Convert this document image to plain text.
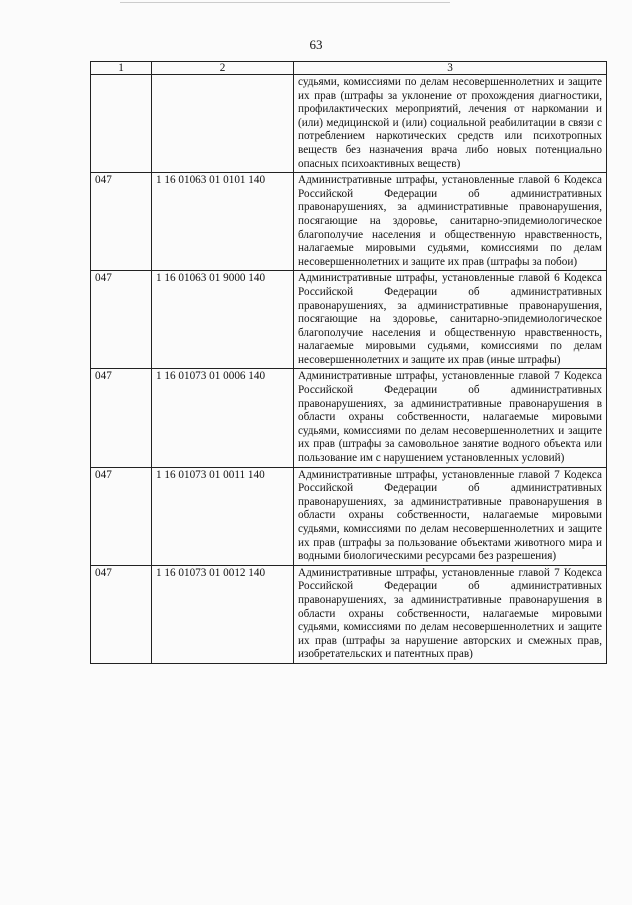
63
1	2	3
		судьями, комиссиями по делам несовершеннолетних и защите их прав (штрафы за уклонение от прохождения диагностики, профилактических мероприятий, лечения от наркомании и (или) медицинской и (или) социальной реабилитации в связи с потреблением наркотических средств или психотропных веществ без назначения врача либо новых потенциально опасных психоактивных веществ)
047	1 16 01063 01 0101 140	Административные штрафы, установленные главой 6 Кодекса Российской Федерации об административных правонарушениях, за административные правонарушения, посягающие на здоровье, санитарно-эпидемиологическое благополучие населения и общественную нравственность, налагаемые мировыми судьями, комиссиями по делам несовершеннолетних и защите их прав (штрафы за побои)
047	1 16 01063 01 9000 140	Административные штрафы, установленные главой 6 Кодекса Российской Федерации об административных правонарушениях, за административные правонарушения, посягающие на здоровье, санитарно-эпидемиологическое благополучие населения и общественную нравственность, налагаемые мировыми судьями, комиссиями по делам несовершеннолетних и защите их прав (иные штрафы)
047	1 16 01073 01 0006 140	Административные штрафы, установленные главой 7 Кодекса Российской Федерации об административных правонарушениях, за административные правонарушения в области охраны собственности, налагаемые мировыми судьями, комиссиями по делам несовершеннолетних и защите их прав (штрафы за самовольное занятие водного объекта или пользование им с нарушением установленных условий)
047	1 16 01073 01 0011 140	Административные штрафы, установленные главой 7 Кодекса Российской Федерации об административных правонарушениях, за административные правонарушения в области охраны собственности, налагаемые мировыми судьями, комиссиями по делам несовершеннолетних и защите их прав (штрафы за пользование объектами животного мира и водными биологическими ресурсами без разрешения)
047	1 16 01073 01 0012 140	Административные штрафы, установленные главой 7 Кодекса Российской Федерации об административных правонарушениях, за административные правонарушения в области охраны собственности, налагаемые мировыми судьями, комиссиями по делам несовершеннолетних и защите их прав (штрафы за нарушение авторских и смежных прав, изобретательских и патентных прав)
